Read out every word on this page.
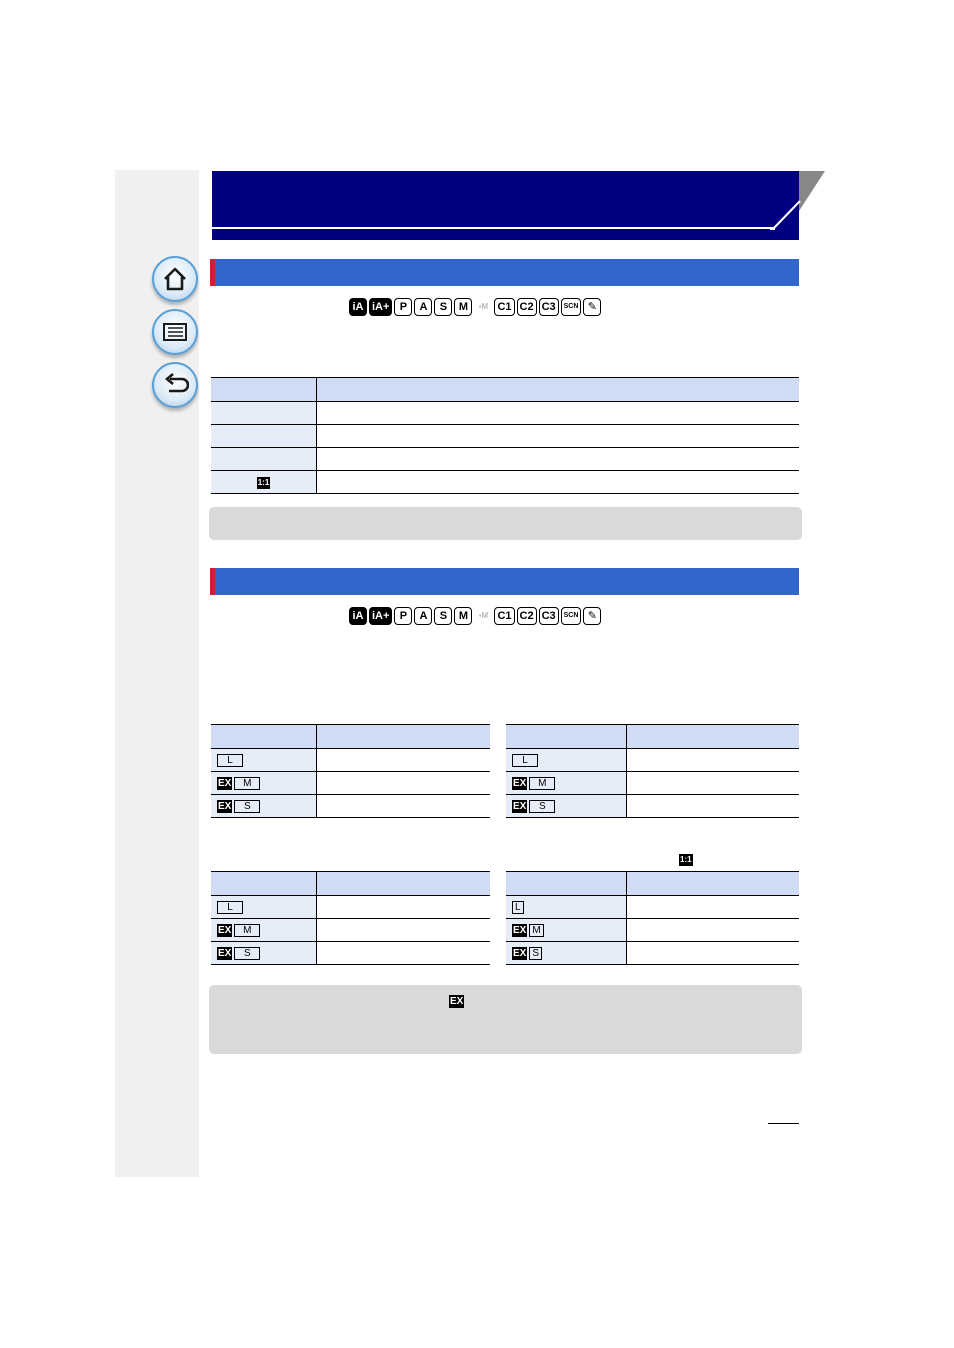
iA iA+ P	A	S	M	▪M C1 C2 C3	SCN ✎

1:1	
iA iA+ P	A	S	M	▪M C1 C2 C3	SCN ✎

L	

EX M	

EX S	

L	

EX M	

EX S	

1:1

L	

EX M	

EX S	

L	

EX M	

EX S	

EX
